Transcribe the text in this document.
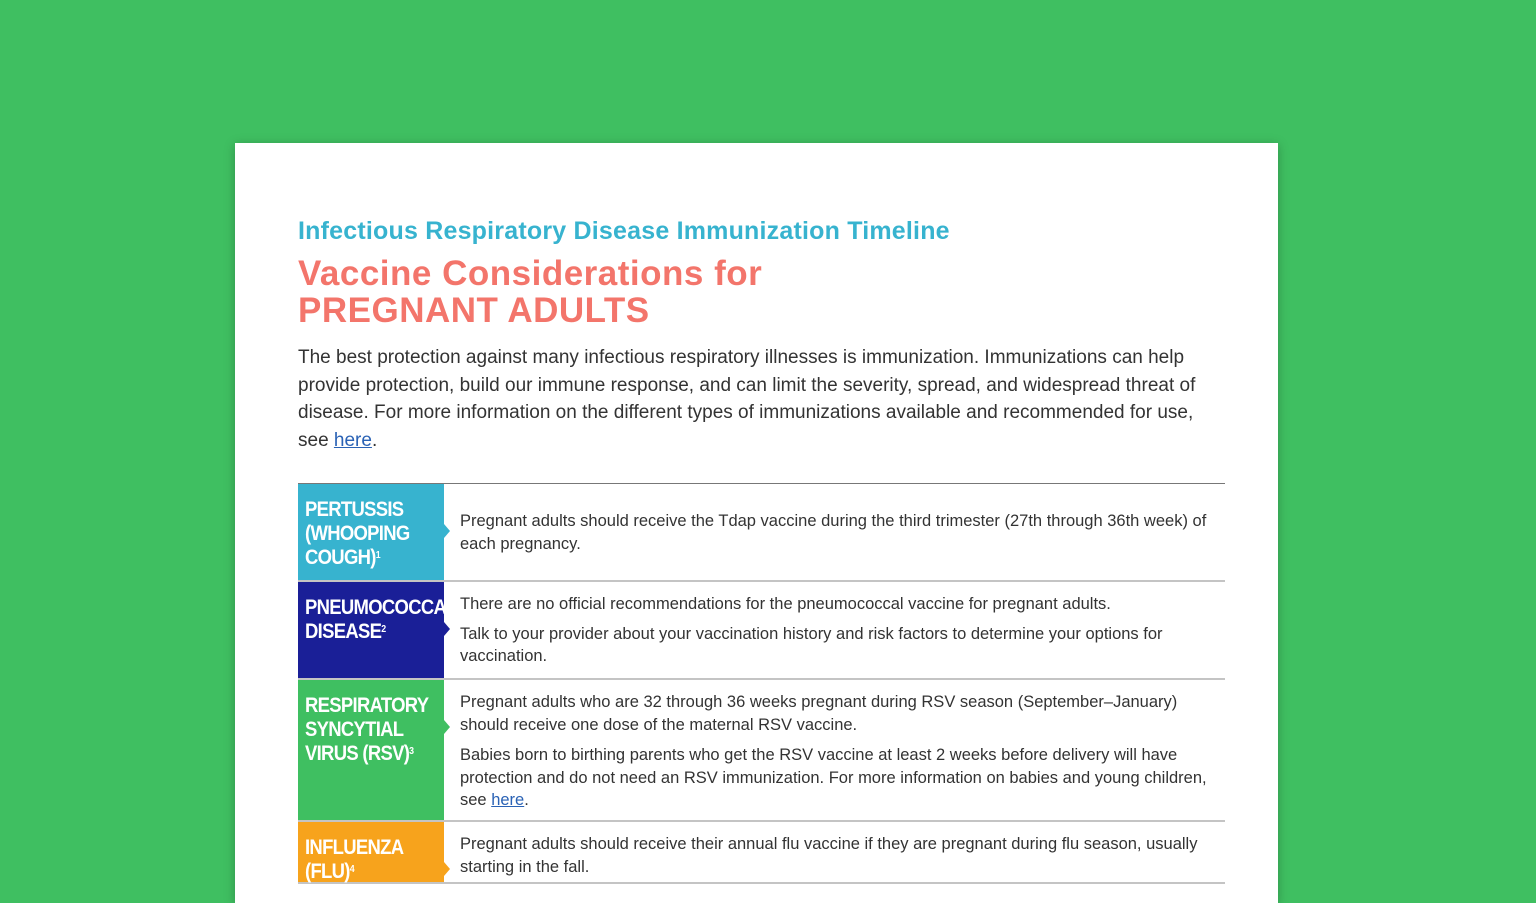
Infectious Respiratory Disease Immunization Timeline
Vaccine Considerations for
PREGNANT ADULTS
The best protection against many infectious respiratory illnesses is immunization. Immunizations can help provide protection, build our immune response, and can limit the severity, spread, and widespread threat of disease. For more information on the different types of immunizations available and recommended for use, see here.
PERTUSSIS
(WHOOPING
COUGH)$^1$

Pregnant adults should receive the Tdap vaccine during the third trimester (27th through 36th week) of each pregnancy.

PNEUMOCOCCAL
DISEASE$^2$

There are no official recommendations for the pneumococcal vaccine for pregnant adults.

Talk to your provider about your vaccination history and risk factors to determine your options for vaccination.

RESPIRATORY
SYNCYTIAL
VIRUS (RSV)$^3$

Pregnant adults who are 32 through 36 weeks pregnant during RSV season (September–January) should receive one dose of the maternal RSV vaccine.

Babies born to birthing parents who get the RSV vaccine at least 2 weeks before delivery will have protection and do not need an RSV immunization. For more information on babies and young children, see here.

INFLUENZA
(FLU)$^4$

Pregnant adults should receive their annual flu vaccine if they are pregnant during flu season, usually starting in the fall.
